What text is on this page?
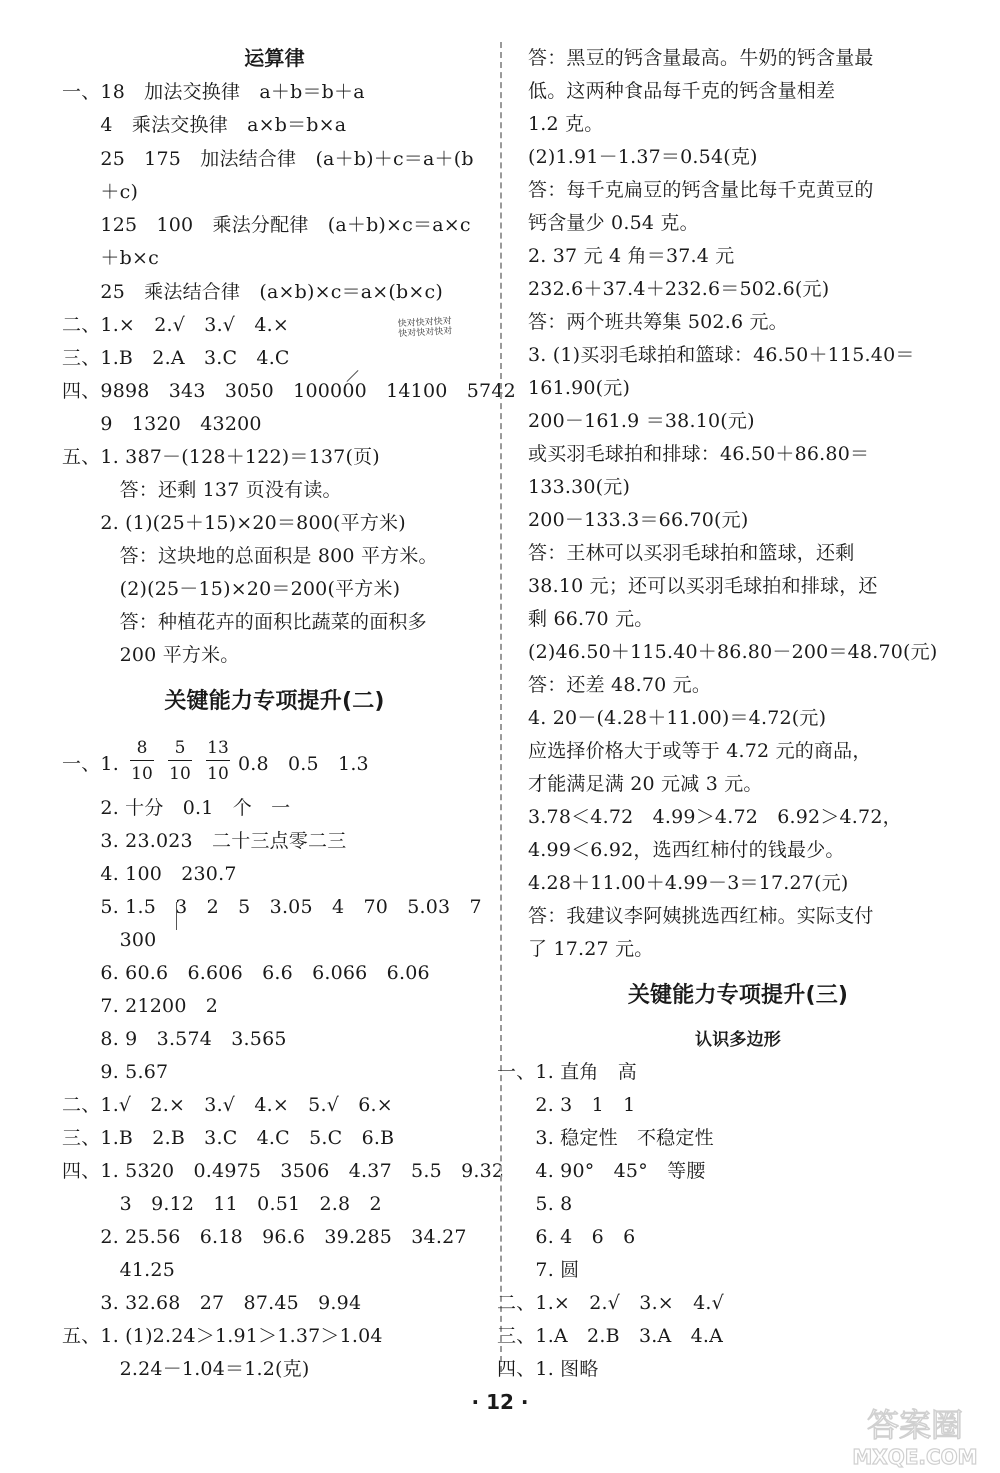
运算律
一、18　加法交换律　a＋b＝b＋a
　　4　乘法交换律　a×b＝b×a
　　25　175　加法结合律　(a＋b)＋c＝a＋(b
　　＋c)
　　125　100　乘法分配律　(a＋b)×c＝a×c
　　＋b×c
　　25　乘法结合律　(a×b)×c＝a×(b×c)
二、1.×　2.√　3.√　4.×
三、1.B　2.A　3.C　4.C
四、9898　343　3050　100000　14100　5742
　　9　1320　43200
五、1. 387－(128＋122)＝137(页)
　　　答：还剩 137 页没有读。
　　2. (1)(25＋15)×20＝800(平方米)
　　　答：这块地的总面积是 800 平方米。
　　　(2)(25－15)×20＝200(平方米)
　　　答：种植花卉的面积比蔬菜的面积多
　　　200 平方米。
关键能力专项提升(二)
一、1.	0.8　0.5　1.3
　　2. 十分　0.1　个　一
　　3. 23.023　二十三点零二三
　　4. 100　230.7
　　5. 1.5　3　2　5　3.05　4　70　5.03　7
　　　300
　　6. 60.6　6.606　6.6　6.066　6.06
　　7. 21200　2
　　8. 9　3.574　3.565
　　9. 5.67
二、1.√　2.×　3.√　4.×　5.√　6.×
三、1.B　2.B　3.C　4.C　5.C　6.B
四、1. 5320　0.4975　3506　4.37　5.5　9.32
　　　3　9.12　11　0.51　2.8　2
　　2. 25.56　6.18　96.6　39.285　34.27
　　　41.25
　　3. 32.68　27　87.45　9.94
五、1. (1)2.24＞1.91＞1.37＞1.04
　　　2.24－1.04＝1.2(克)
8
10
5
10
13
10
快对快对快对
快对快对快对
答：黑豆的钙含量最高。牛奶的钙含量最
低。这两种食品每千克的钙含量相差
1.2 克。
(2)1.91－1.37＝0.54(克)
答：每千克扁豆的钙含量比每千克黄豆的
钙含量少 0.54 克。
2. 37 元 4 角＝37.4 元
232.6＋37.4＋232.6＝502.6(元)
答：两个班共筹集 502.6 元。
3. (1)买羽毛球拍和篮球：46.50＋115.40＝
161.90(元)
200－161.9 ＝38.10(元)
或买羽毛球拍和排球：46.50＋86.80＝
133.30(元)
200－133.3＝66.70(元)
答：王林可以买羽毛球拍和篮球，还剩
38.10 元；还可以买羽毛球拍和排球，还
剩 66.70 元。
(2)46.50＋115.40＋86.80－200＝48.70(元)
答：还差 48.70 元。
4. 20－(4.28＋11.00)＝4.72(元)
应选择价格大于或等于 4.72 元的商品，
才能满足满 20 元减 3 元。
3.78＜4.72　4.99＞4.72　6.92＞4.72，
4.99＜6.92，选西红柿付的钱最少。
4.28＋11.00＋4.99－3＝17.27(元)
答：我建议李阿姨挑选西红柿。实际支付
了 17.27 元。
关键能力专项提升(三)
认识多边形
一、1. 直角　高
　　2. 3　1　1
　　3. 稳定性　不稳定性
　　4. 90°　45°　等腰
　　5. 8
　　6. 4　6　6
　　7. 圆
二、1.×　2.√　3.×　4.√
三、1.A　2.B　3.A　4.A
四、1. 图略
· 12 ·
答案圈
MXQE.COM
